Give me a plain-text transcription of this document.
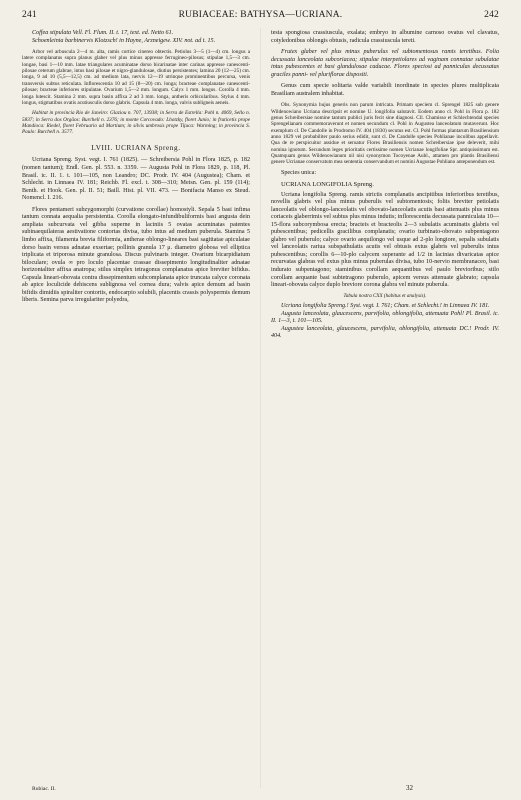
241	RUBIACEAE: BATHYSA—UCRIANA.	242

Coffea stipulata Vell. Fl. Flum. II. t. 17, text. ed. Netto 61.

Schoenleinia barbinervis Klotzsch! in Hayne, Arzneigew. XIV. not. ad t. 15.

Arbor vel arbuscula 2—4 m. alta, ramis cortice cinereo obtectis. Petiolus 3—5 (1—4) cm. longus a latere complanatus supra planus glaber vel plus minus appresse ferrugineo-pilosus; stipulae 1,5—3 cm. longae, basi 1—10 mm. latae triangulares acuminatae dorso bicarinatae inter carinas appresse canescenti-pilosae ceterum glabrae, intus basi pilosae et nigro-glandulosae, diutius persistentes; lamina 20 (12—25) cm. longa, 9 ad 10 (5,5—12,5) cm. ad medium lata, nervis 12—19 utrinque prominentibus percursa, venis transversis subtus reticulata. Inflorescentia 10 ad 15 (8—20) cm. longa; bracteae complanatae canescenti-pilosae; bracteae inferiores stipulatae. Ovarium 1,5—2 mm. longum. Calyx 1 mm. longus. Corolla 4 mm. longa lutescit. Stamina 2 mm. supra basin affixa 2 ad 3 mm. longa, antheris orbicularibus. Stylus 4 mm. longus, stigmatibus ovatis acutiusculis dorso glabris. Capsula 4 mm. longa, valvis subligneis aeneis.

Habitat in provincia Rio de Janeiro: Glaziou n. 707, 13938; in Serra de Estrella: Pohl n. 4069, Sello n. 5837; in Serra dos Orgãos: Burchell n. 2376; in monte Corcovado: Lhotzky, floret Junio; in fruticetis prope Mandioca: Riedel, floret Februario ad Martium; in silvis umbrosis prope Tijuca: Warming; in provincia S. Paulo: Burchell n. 3577.

LVIII. UCRIANA Spreng.

Ucriana Spreng. Syst. vegt. I. 761 (1825). — Schreibersia Pohl in Flora 1825, p. 182 (nomen tantum); Endl. Gen. pl. 553. n. 3359. — Augusta Pohl in Flora 1829, p. 118, Pl. Brasil. ic. II. 1. t. 101—105, non Leandro; DC. Prodr. IV. 404 (Augustea); Cham. et Schlecht. in Linnaea IV. 181; Reichb. Fl. excl. t. 308—310; Meisn. Gen. pl. 159 (114); Benth. et Hook. Gen. pl. II. 51; Baill. Hist. pl. VII. 473. — Bonifacia Manso ex Steud. Nomencl. I. 216.

Flores pentameri subzygomorphi (curvatione corollae) homostyli. Sepala 5 basi infima tantum connata aequalia persistentia. Corolla elongato-infundibuliformis basi angusta dein ampliata subcurvata vel gibba superne in laciniis 5 ovatas acuminatas patentes subinaequilateras aestivatione contortas divisa, tubo intus ad medium puberula. Stamina 5 limbo affixa, filamenta brevia filiformia, antherae oblongo-lineares basi sagittatae apiculatae dorso basin versus adnatae exsertae; pollinis granula 17 μ. diametro globosa vel elliptica triplicata et triporosa minute granulosa. Discus pulvinaris integer. Ovarium bicarpidiatum biloculare; ovula ∞ pro loculo placentae crassae dissepimento longitudinaliter adnatae horizontaliter affixa anatropa; stilus simplex tetragonus complanatus apice breviter bifidus. Capsula lineari-obovata contra dissepimentum subcomplanata apice truncata calyce coronata ab apice loculicide dehiscens sublignosa vel cornea dura; valvis apice demum ad basin bifidis dimidiis spiraliter contortis, endocarpio solubili, placentis crassis polyspermis demum liberis. Semina parva irregulariter polyedra,

testa spongiosa crassiuscula, exalata; embryo in albumine carnoso ovatus vel clavatus, cotyledonibus oblongis obtusis, radicula crassiuscula tereti.

Frutex glaber vel plus minus puberulus vel subtomentosus ramis teretibus. Folia decussata lanceolata subcoriacea; stipulae interpetiolares ad vaginam connatae subulatae intus pubescentes et basi glandulosae caducae. Flores speciosi ad panniculas decussatas graciles panni- vel pluriflorae dispositi.

Genus cum specie solitaria valde variabili inordinate in species plures multiplicata Brasiliam australem inhabitat.

Obs. Synonymia hujus generis non parum intricata. Primam speciem cl. Sprengel 1825 sub genere Wildenowiano Ucriana descripsit et nomine U. longifolia salutavit. Eodem anno cl. Pohl in Flora p. 182 genus Schreibersiae nomine tantum publici juris fecit sine diagnosi. Cll. Chamisso et Schlechtendal species Sprengelianam commemoraverunt et nomen secundum cl. Pohl in Augustea lanceolatum mutaverunt. Hoc exemplum cl. De Candolle in Prodromo IV. 404 (1830) secutus est. Cl. Pohl formas plantarum Brasiliensium anno 1829 vel probabiliter paulo serius edidit, sunt cl. De Candolle species Pohlianae incolibus appellavit. Qua de re perspicuitur assidue et seruatur Flores Brasiliensis nomen Schreibersiae ipse deleverit, mihi nomina ignotum. Secundum leges prioritatis certissime nomen Ucrianae longifoliae Spr. antiquissimum est. Quamquam genus Wildenowianum nil nisi synonymon Tocoyenae Aubl., attamen pro plantis Brasiliensi genere Ucrianae conservatum mea sententia conservandum et nomini Augustae Pohliano anteponendum est.

Species unica:

UCRIANA LONGIFOLIA Spreng.

Ucriana longifolia Spreng. ramis strictis complanatis ancipitibus inferioribus teretibus, novellis glabris vel plus minus puberulis vel subtomentosis; foliis breviter petiolatis lanceolatis vel oblongo-lanceolatis vel obovato-lanceolatis acutis basi attenuatis plus minus coriaceis glaberrimis vel subtus plus minus indutis; inflorescentia decussata panniculata 10—15-flora subcorymbosa erecta; bracteis et bracteolis 2—3 subulatis acuminatis glabris vel pubescentibus; pedicellis gracilibus complanatis; ovario turbinato-obovato subpentagono glabro vel puberulo; calyce ovario aequilongo vel usque ad 2-plo longiore, sepalis subulatis vel lanceolatis rariua subspathulatis acutis vel obtusis extus glabris vel puberulis intus pubescentibus; corollis 6—10-plo calycem superante ad 1/2 in lacinias divaricatas apice recurvatas glabras vel extus plus minus puberulas divisa, tubo 10-nervio membranaceo, basi indurato subpentagono; staminibus corollam aequantibus vel paulo brevioribus; stilo corollam aequante basi subtetragono puberulo, apicem versus attenuate glabrato; capsula lineari-obovata calyce duplo breviore corona glabra vel minute puberula.

Tabula nostra CXX (habitus et analysis).

Ucriana longifolia Spreng.! Syst. vegt. I. 761; Cham. et Schlecht.! in Linnaea IV. 181.

Augusta lanceolata, glaucescens, parvifolia, oblongifolia, attenuata Pohl! Pl. Brasil. ic. II. 1—3, t. 101—105.

Augustea lanceolata, glaucescens, parvifolia, oblongifolia, attenuata DC.! Prodr. IV. 404.

Rubiac. II.	32
